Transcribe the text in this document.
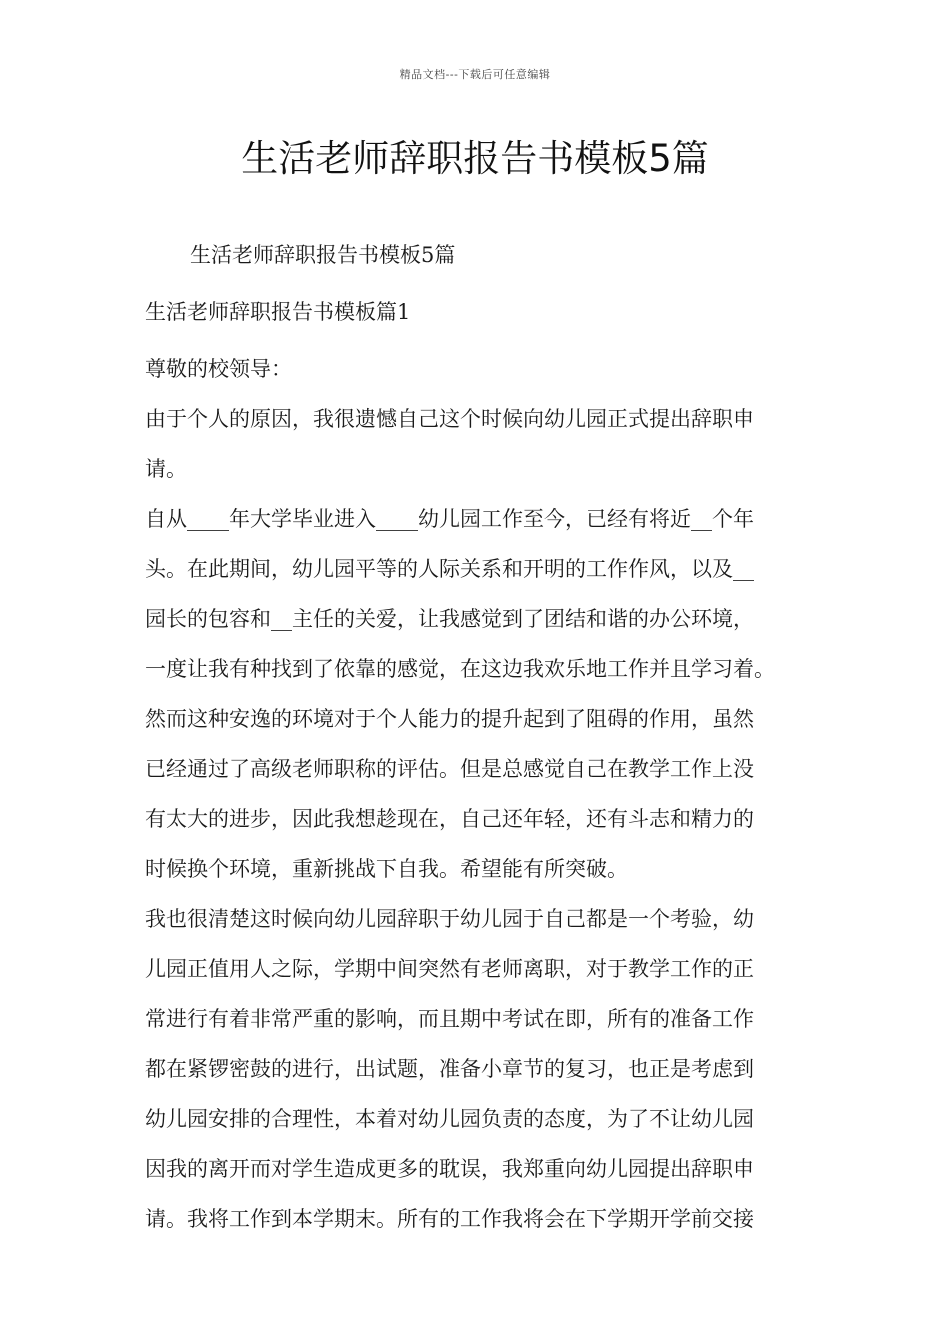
精品文档---下载后可任意编辑
生活老师辞职报告书模板5篇

生活老师辞职报告书模板5篇

生活老师辞职报告书模板篇1

尊敬的校领导：

由于个人的原因，我很遗憾自己这个时候向幼儿园正式提出辞职申

请。

自从____年大学毕业进入____幼儿园工作至今，已经有将近__个年

头。在此期间，幼儿园平等的人际关系和开明的工作作风，以及__

园长的包容和__主任的关爱，让我感觉到了团结和谐的办公环境，

一度让我有种找到了依靠的感觉，在这边我欢乐地工作并且学习着。

然而这种安逸的环境对于个人能力的提升起到了阻碍的作用，虽然

已经通过了高级老师职称的评估。但是总感觉自己在教学工作上没

有太大的进步，因此我想趁现在，自己还年轻，还有斗志和精力的

时候换个环境，重新挑战下自我。希望能有所突破。

我也很清楚这时候向幼儿园辞职于幼儿园于自己都是一个考验，幼

儿园正值用人之际，学期中间突然有老师离职，对于教学工作的正

常进行有着非常严重的影响，而且期中考试在即，所有的准备工作

都在紧锣密鼓的进行，出试题，准备小章节的复习，也正是考虑到

幼儿园安排的合理性，本着对幼儿园负责的态度，为了不让幼儿园

因我的离开而对学生造成更多的耽误，我郑重向幼儿园提出辞职申

请。我将工作到本学期末。所有的工作我将会在下学期开学前交接
